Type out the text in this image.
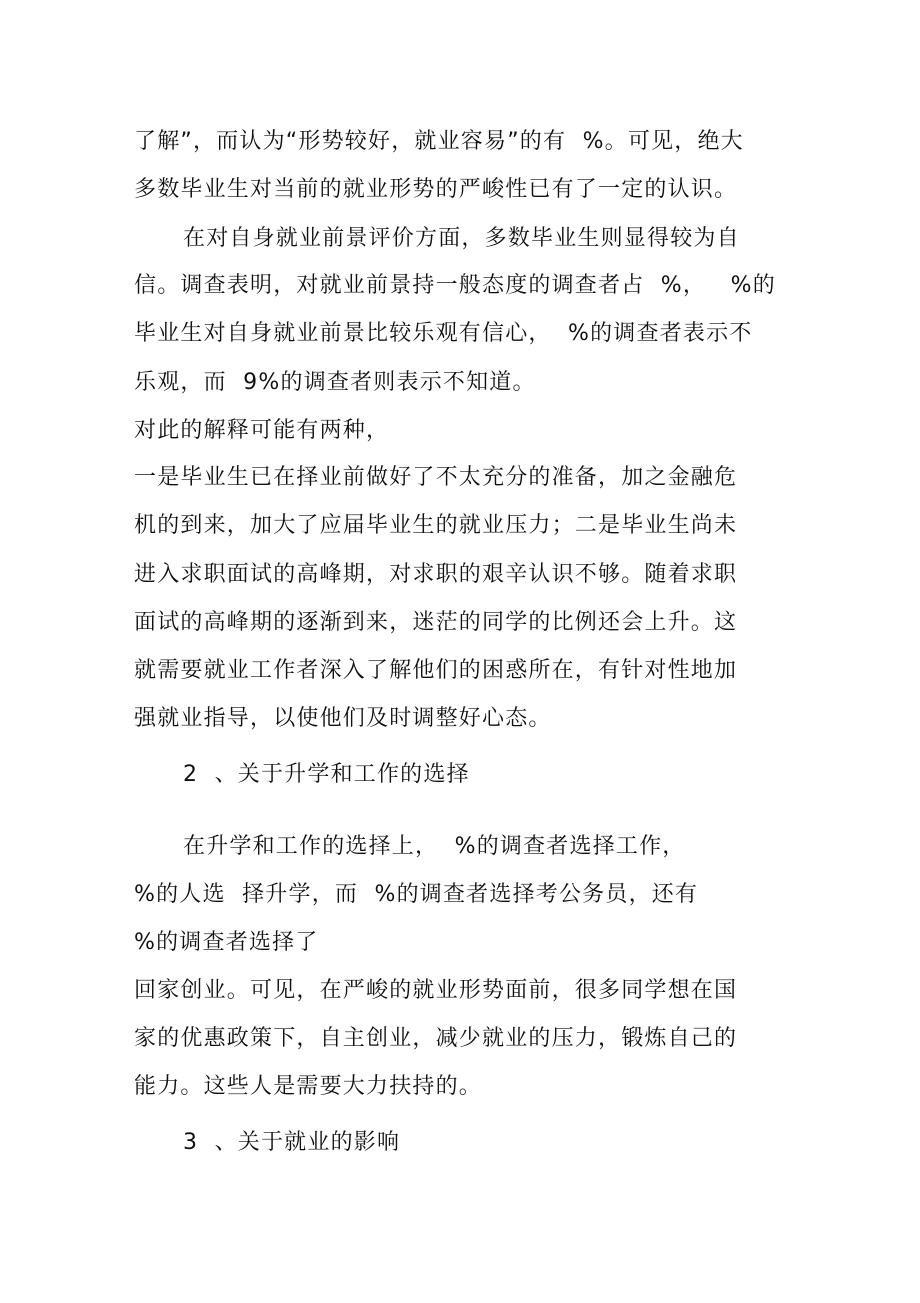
了解”，而认为“形势较好，就业容易”的有  %。可见，绝大
多数毕业生对当前的就业形势的严峻性已有了一定的认识。
在对自身就业前景评价方面，多数毕业生则显得较为自
信。调查表明，对就业前景持一般态度的调查者占  %，   %的
毕业生对自身就业前景比较乐观有信心，  %的调查者表示不
乐观，而  9%的调查者则表示不知道。
对此的解释可能有两种，
一是毕业生已在择业前做好了不太充分的准备，加之金融危
机的到来，加大了应届毕业生的就业压力；二是毕业生尚未
进入求职面试的高峰期，对求职的艰辛认识不够。随着求职
面试的高峰期的逐渐到来，迷茫的同学的比例还会上升。这
就需要就业工作者深入了解他们的困惑所在，有针对性地加
强就业指导，以使他们及时调整好心态。
2  、关于升学和工作的选择
在升学和工作的选择上，  %的调查者选择工作，
%的人选  择升学，而  %的调查者选择考公务员，还有
%的调查者选择了
回家创业。可见，在严峻的就业形势面前，很多同学想在国
家的优惠政策下，自主创业，减少就业的压力，锻炼自己的
能力。这些人是需要大力扶持的。
3  、关于就业的影响
